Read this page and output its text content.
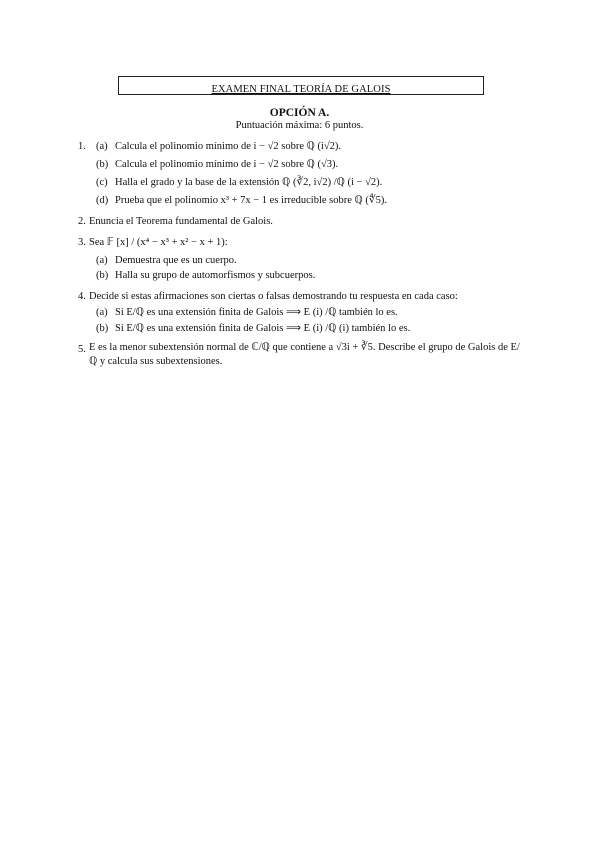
EXAMEN FINAL TEORÍA DE GALOIS
OPCIÓN A.
Puntuación máxima: 6 puntos.
1. (a) Calcula el polinomio mínimo de i − √2 sobre ℚ (i√2).
(b) Calcula el polinomio mínimo de i − √2 sobre ℚ (√3).
(c) Halla el grado y la base de la extensión ℚ (∛2, i√2) /ℚ (i − √2).
(d) Prueba que el polinomio x³ + 7x − 1 es irreducible sobre ℚ (∜5).
2. Enuncia el Teorema fundamental de Galois.
3. Sea 𝔽 [x] / (x⁴ − x³ + x² − x + 1):
(a) Demuestra que es un cuerpo.
(b) Halla su grupo de automorfismos y subcuerpos.
4. Decide si estas afirmaciones son ciertas o falsas demostrando tu respuesta en cada caso:
(a) Si E/ℚ es una extensión finita de Galois ⟹ E (i) /ℚ también lo es.
(b) Si E/ℚ es una extensión finita de Galois ⟹ E (i) /ℚ (i) también lo es.
5. E es la menor subextensión normal de ℂ/ℚ que contiene a √3i + ∛5. Describe el grupo de Galois de E/ℚ y calcula sus subextensiones.
